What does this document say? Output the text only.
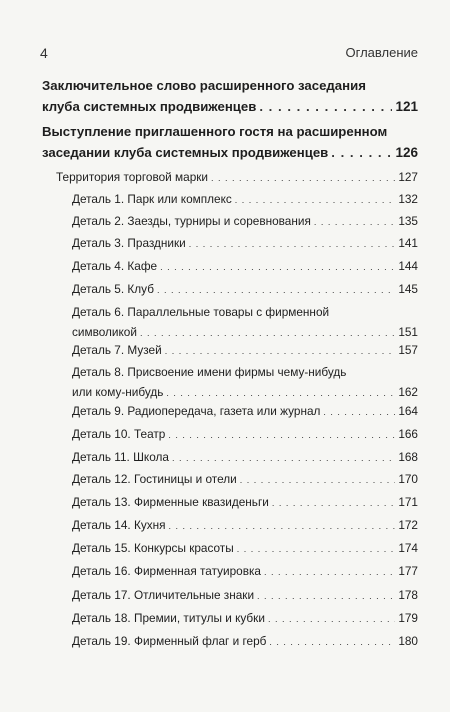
4	Оглавление
Заключительное слово расширенного заседания
клуба системных продвиженцев . . .	121
Выступление приглашенного гостя на расширенном
заседании клуба системных продвиженцев . . .	126
Территория торговой марки . . .	127
Деталь 1. Парк или комплекс . . .	132
Деталь 2. Заезды, турниры и соревнования . . .	135
Деталь 3. Праздники . . .	141
Деталь 4. Кафе . . .	144
Деталь 5. Клуб . . .	145
Деталь 6. Параллельные товары с фирменной
символикой . . .	151
Деталь 7. Музей . . .	157
Деталь 8. Присвоение имени фирмы чему-нибудь
или кому-нибудь . . .	162
Деталь 9. Радиопередача, газета или журнал . . .	164
Деталь 10. Театр . . .	166
Деталь 11. Школа . . .	168
Деталь 12. Гостиницы и отели . . .	170
Деталь 13. Фирменные квазиденьги . . .	171
Деталь 14. Кухня . . .	172
Деталь 15. Конкурсы красоты . . .	174
Деталь 16. Фирменная татуировка . . .	177
Деталь 17. Отличительные знаки . . .	178
Деталь 18. Премии, титулы и кубки . . .	179
Деталь 19. Фирменный флаг и герб . . .	180
